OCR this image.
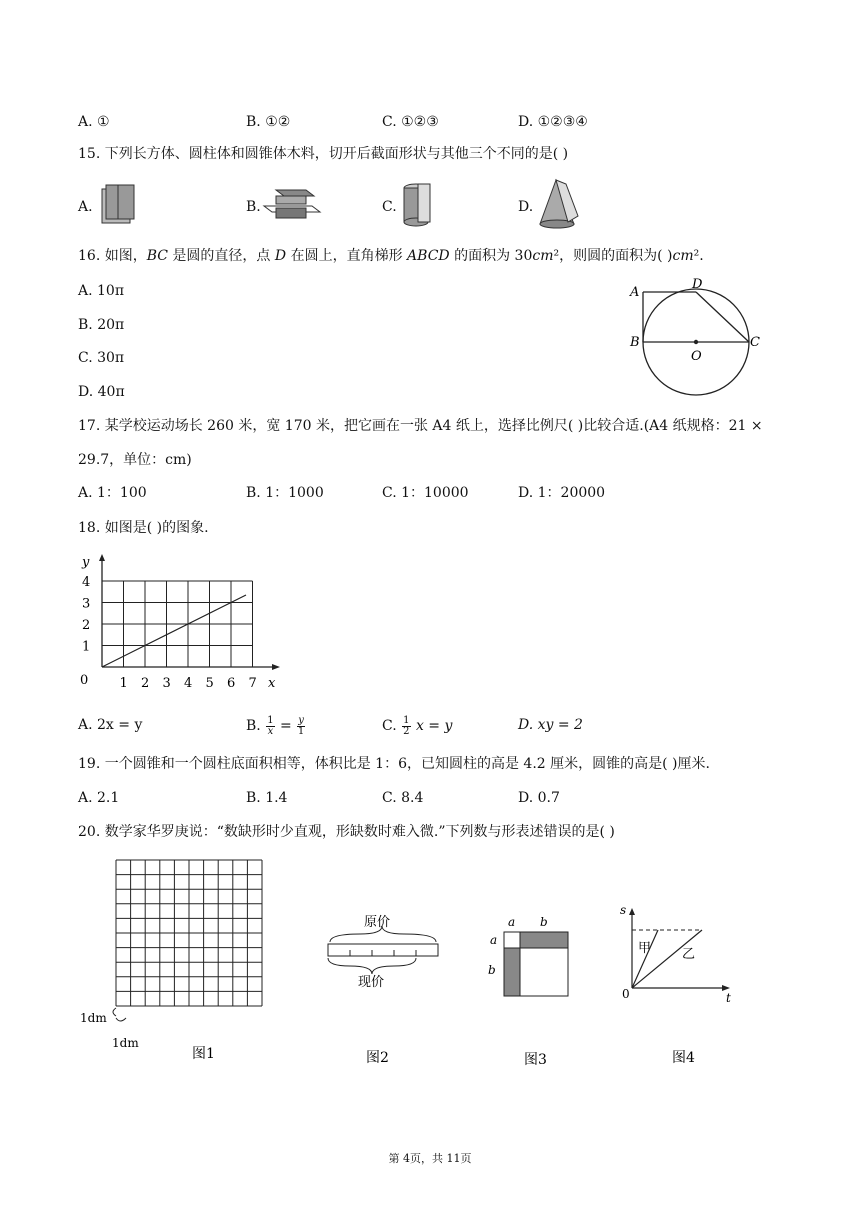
A. ①	B. ①②	C. ①②③	D. ①②③④
15. 下列长方体、圆柱体和圆锥体木料，切开后截面形状与其他三个不同的是( )
A.	B.	C.	D.
16. 如图，BC 是圆的直径，点 D 在圆上，直角梯形 ABCD 的面积为 30cm²，则圆的面积为( )cm².
A. 10π
B. 20π
C. 30π
D. 40π
A
B	C
D
O
17. 某学校运动场长 260 米，宽 170 米，把它画在一张 A4 纸上，选择比例尺( )比较合适.(A4 纸规格：21 ×
29.7，单位：cm)
A. 1：100	B. 1：1000	C. 1：10000	D. 1：20000
18. 如图是( )的图象.
y
x
0 1 2 3 4 5 6 7
1
2
3
4
A. 2x = y	B. $\frac{1}{x} = \frac{y}{1}$	C. $\frac{1}{2}$ x = y	D. xy = 2
19. 一个圆锥和一个圆柱底面积相等，体积比是 1：6，已知圆柱的高是 4.2 厘米，圆锥的高是( )厘米.
A. 2.1	B. 1.4	C. 8.4	D. 0.7
20. 数学家华罗庚说：“数缺形时少直观，形缺数时难入微.”下列数与形表述错误的是( )
1dm
1dm
图1
原价
现价
图2
a b
a
b
图3
s
t
0
甲 乙
图4
第 4页，共 11页
